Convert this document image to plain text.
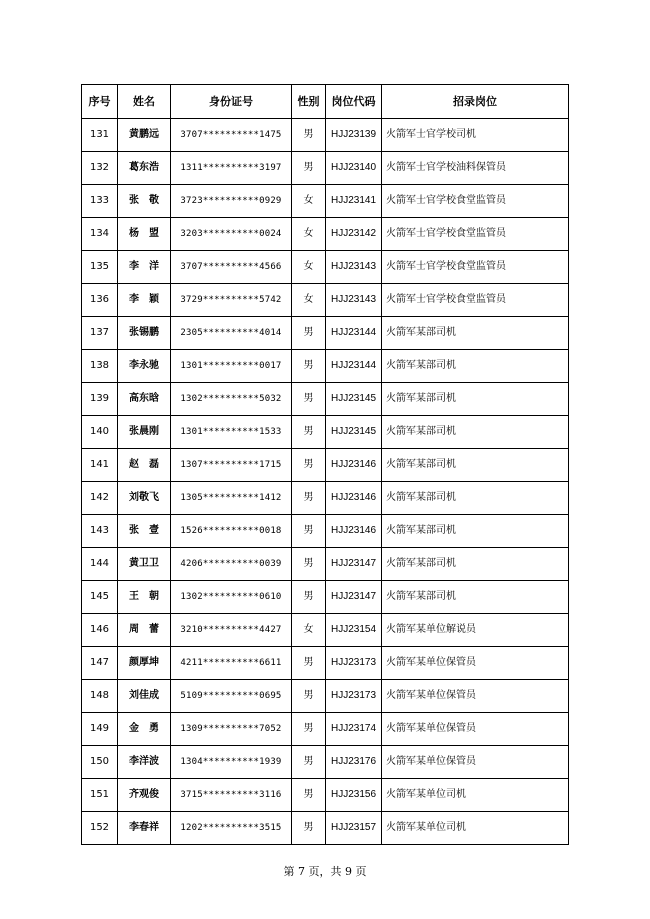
序号	姓名	身份证号	性别	岗位代码	招录岗位
131	黄鹏远	3707**********1475	男	HJJ23139	火箭军士官学校司机
132	葛东浩	1311**********3197	男	HJJ23140	火箭军士官学校油料保管员
133	张　敬	3723**********0929	女	HJJ23141	火箭军士官学校食堂监管员
134	杨　盟	3203**********0024	女	HJJ23142	火箭军士官学校食堂监管员
135	李　洋	3707**********4566	女	HJJ23143	火箭军士官学校食堂监管员
136	李　颖	3729**********5742	女	HJJ23143	火箭军士官学校食堂监管员
137	张锡鹏	2305**********4014	男	HJJ23144	火箭军某部司机
138	李永驰	1301**********0017	男	HJJ23144	火箭军某部司机
139	高东晗	1302**********5032	男	HJJ23145	火箭军某部司机
140	张晨刚	1301**********1533	男	HJJ23145	火箭军某部司机
141	赵　磊	1307**********1715	男	HJJ23146	火箭军某部司机
142	刘敬飞	1305**********1412	男	HJJ23146	火箭军某部司机
143	张　壹	1526**********0018	男	HJJ23146	火箭军某部司机
144	黄卫卫	4206**********0039	男	HJJ23147	火箭军某部司机
145	王　朝	1302**********0610	男	HJJ23147	火箭军某部司机
146	周　蕾	3210**********4427	女	HJJ23154	火箭军某单位解说员
147	颜厚坤	4211**********6611	男	HJJ23173	火箭军某单位保管员
148	刘佳成	5109**********0695	男	HJJ23173	火箭军某单位保管员
149	金　勇	1309**********7052	男	HJJ23174	火箭军某单位保管员
150	李洋波	1304**********1939	男	HJJ23176	火箭军某单位保管员
151	齐观俊	3715**********3116	男	HJJ23156	火箭军某单位司机
152	李春祥	1202**********3515	男	HJJ23157	火箭军某单位司机
第 7 页，共 9 页
